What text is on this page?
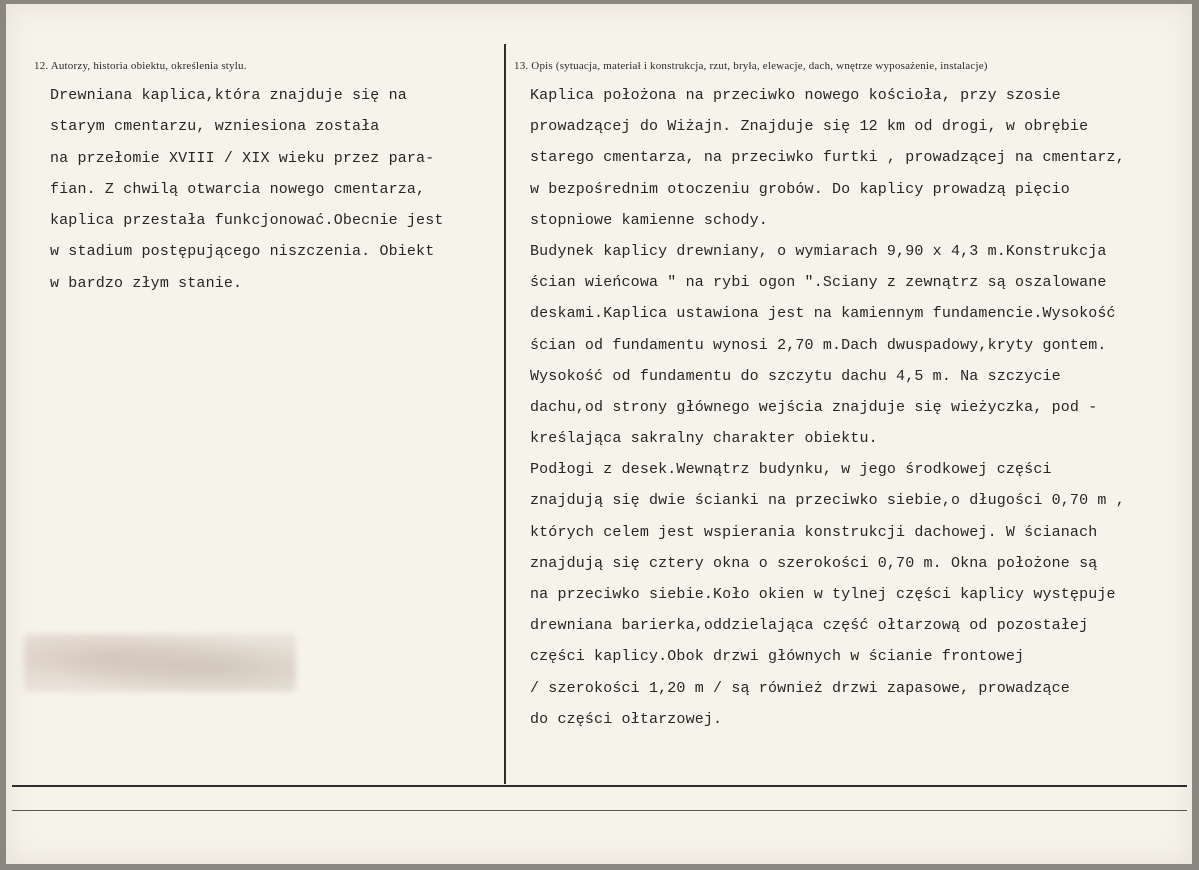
12. Autorzy, historia obiektu, określenia stylu.
Drewniana kaplica,która znajduje się na
starym cmentarzu, wzniesiona została
na przełomie XVIII / XIX wieku przez para-
fian. Z chwilą otwarcia nowego cmentarza,
kaplica przestała funkcjonować.Obecnie jest
w stadium postępującego niszczenia. Obiekt
w bardzo złym stanie.
13. Opis (sytuacja, materiał i konstrukcja, rzut, bryła, elewacje, dach, wnętrze wyposażenie, instalacje)
Kaplica położona na przeciwko nowego kościoła, przy szosie
prowadzącej do Wiżajn. Znajduje się 12 km od drogi, w obrębie
starego cmentarza, na przeciwko furtki , prowadzącej na cmentarz,
w bezpośrednim otoczeniu grobów. Do kaplicy prowadzą pięcio
stopniowe kamienne schody.
Budynek kaplicy drewniany, o wymiarach 9,90 x 4,3 m.Konstrukcja
ścian wieńcowa " na rybi ogon ".Sciany z zewnątrz są oszalowane
deskami.Kaplica ustawiona jest na kamiennym fundamencie.Wysokość
ścian od fundamentu wynosi 2,70 m.Dach dwuspadowy,kryty gontem.
Wysokość od fundamentu do szczytu dachu 4,5 m. Na szczycie
dachu,od strony głównego wejścia znajduje się wieżyczka, pod -
kreślająca sakralny charakter obiektu.
Podłogi z desek.Wewnątrz budynku, w jego środkowej części
znajdują się dwie ścianki na przeciwko siebie,o długości 0,70 m ,
których celem jest wspierania konstrukcji dachowej. W ścianach
znajdują się cztery okna o szerokości 0,70 m. Okna położone są
na przeciwko siebie.Koło okien w tylnej części kaplicy występuje
drewniana barierka,oddzielająca część ołtarzową od pozostałej
części kaplicy.Obok drzwi głównych w ścianie frontowej
/ szerokości 1,20 m / są również drzwi zapasowe, prowadzące
do części ołtarzowej.
